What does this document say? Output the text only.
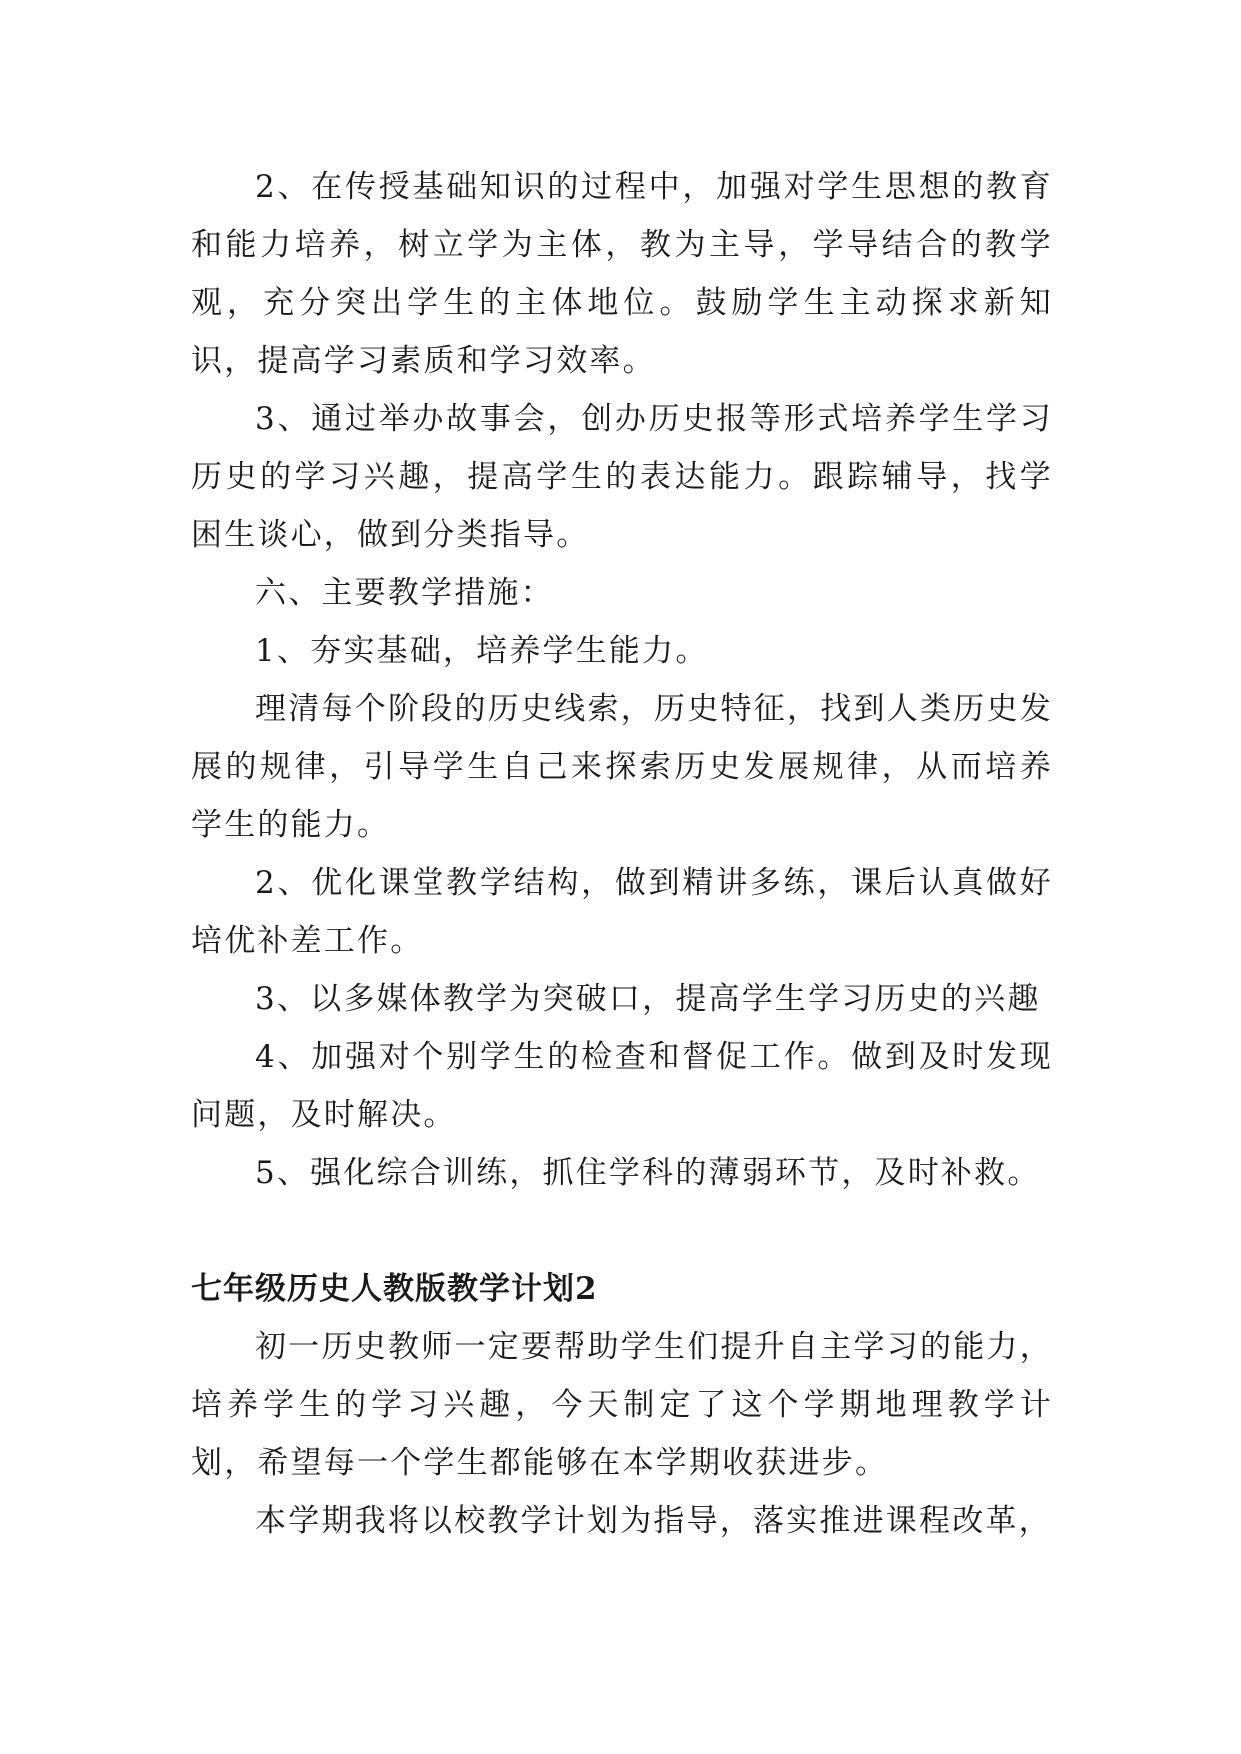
2、在传授基础知识的过程中，加强对学生思想的教育和能力培养，树立学为主体，教为主导，学导结合的教学观，充分突出学生的主体地位。鼓励学生主动探求新知识，提高学习素质和学习效率。

3、通过举办故事会，创办历史报等形式培养学生学习历史的学习兴趣，提高学生的表达能力。跟踪辅导，找学困生谈心，做到分类指导。

六、主要教学措施：

1、夯实基础，培养学生能力。

理清每个阶段的历史线索，历史特征，找到人类历史发展的规律，引导学生自己来探索历史发展规律，从而培养学生的能力。

2、优化课堂教学结构，做到精讲多练，课后认真做好培优补差工作。

3、以多媒体教学为突破口，提高学生学习历史的兴趣

4、加强对个别学生的检查和督促工作。做到及时发现问题，及时解决。

5、强化综合训练，抓住学科的薄弱环节，及时补救。

七年级历史人教版教学计划2

初一历史教师一定要帮助学生们提升自主学习的能力，培养学生的学习兴趣，今天制定了这个学期地理教学计划，希望每一个学生都能够在本学期收获进步。

本学期我将以校教学计划为指导，落实推进课程改革，
